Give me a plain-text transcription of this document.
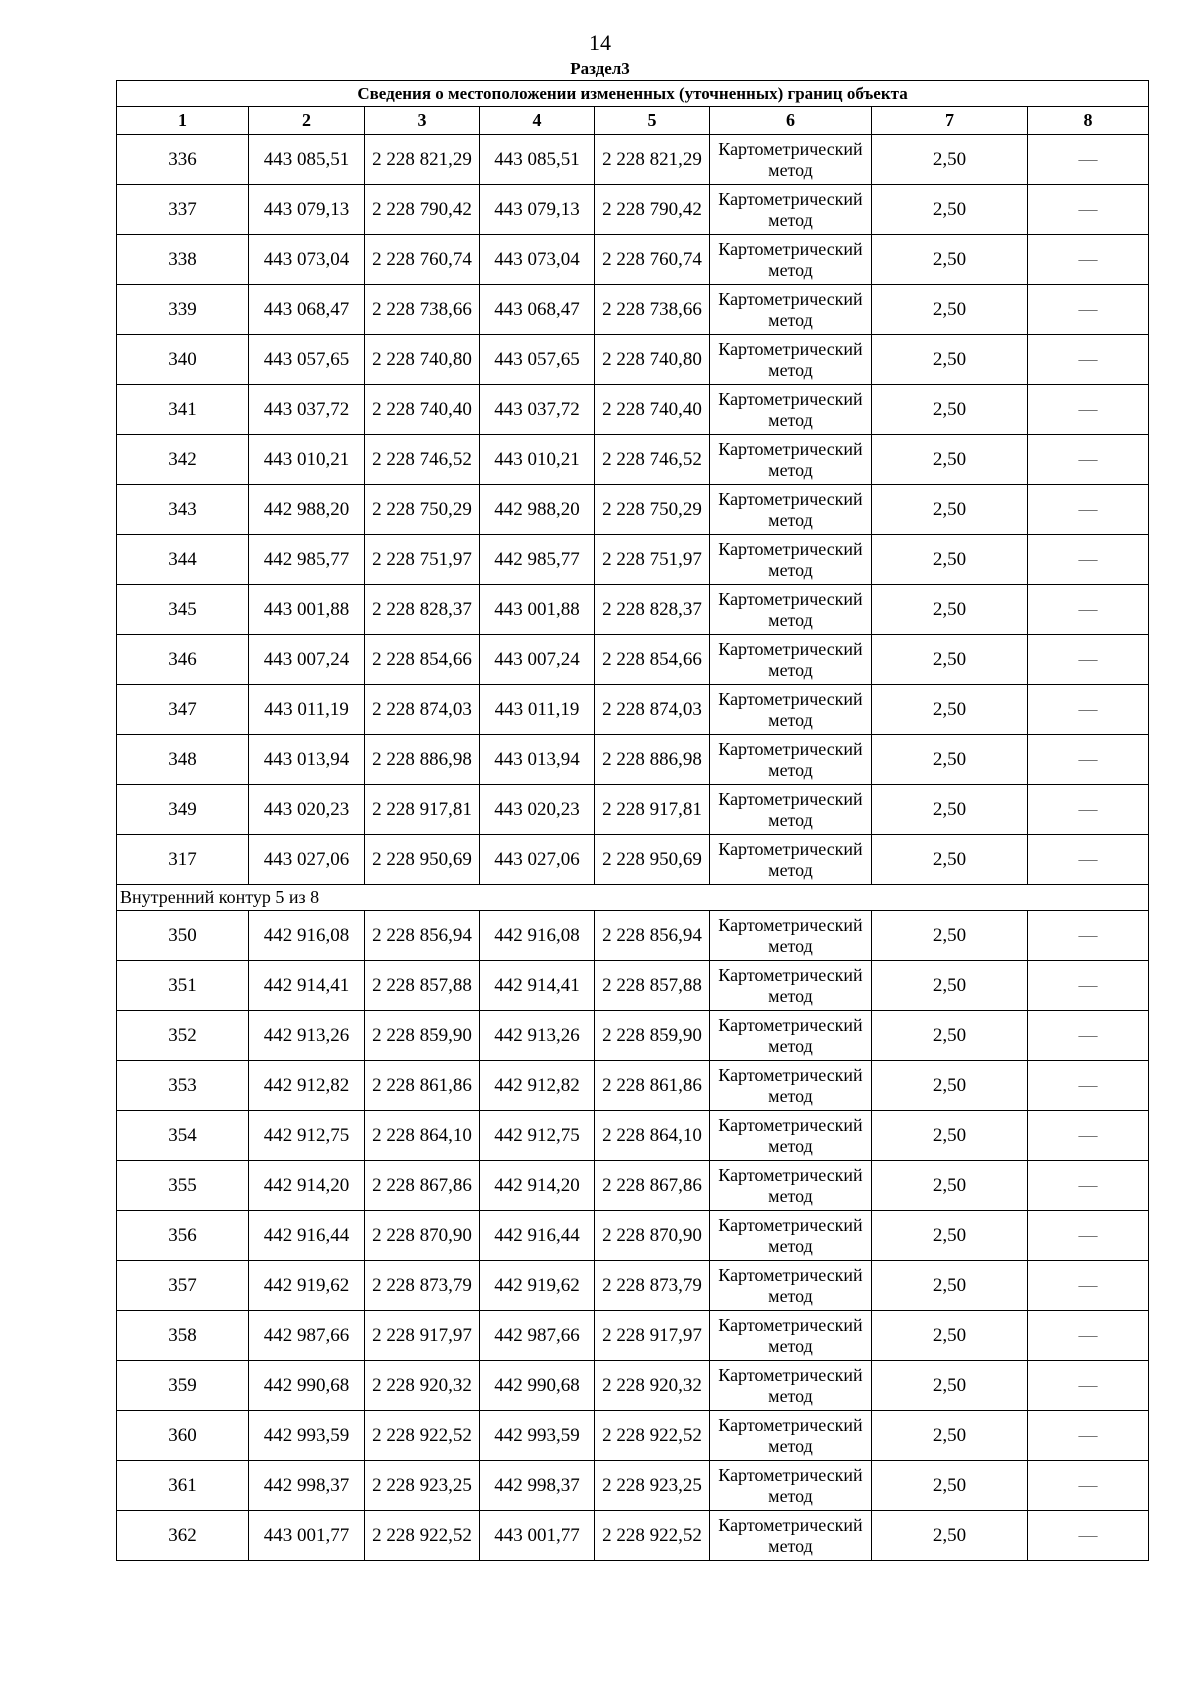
14
Раздел3
Сведения о местоположении измененных (уточненных) границ объекта							
1	2	3	4	5	6	7	8
336	443 085,51	2 228 821,29	443 085,51	2 228 821,29	Картометрический метод	2,50	—
337	443 079,13	2 228 790,42	443 079,13	2 228 790,42	Картометрический метод	2,50	—
338	443 073,04	2 228 760,74	443 073,04	2 228 760,74	Картометрический метод	2,50	—
339	443 068,47	2 228 738,66	443 068,47	2 228 738,66	Картометрический метод	2,50	—
340	443 057,65	2 228 740,80	443 057,65	2 228 740,80	Картометрический метод	2,50	—
341	443 037,72	2 228 740,40	443 037,72	2 228 740,40	Картометрический метод	2,50	—
342	443 010,21	2 228 746,52	443 010,21	2 228 746,52	Картометрический метод	2,50	—
343	442 988,20	2 228 750,29	442 988,20	2 228 750,29	Картометрический метод	2,50	—
344	442 985,77	2 228 751,97	442 985,77	2 228 751,97	Картометрический метод	2,50	—
345	443 001,88	2 228 828,37	443 001,88	2 228 828,37	Картометрический метод	2,50	—
346	443 007,24	2 228 854,66	443 007,24	2 228 854,66	Картометрический метод	2,50	—
347	443 011,19	2 228 874,03	443 011,19	2 228 874,03	Картометрический метод	2,50	—
348	443 013,94	2 228 886,98	443 013,94	2 228 886,98	Картометрический метод	2,50	—
349	443 020,23	2 228 917,81	443 020,23	2 228 917,81	Картометрический метод	2,50	—
317	443 027,06	2 228 950,69	443 027,06	2 228 950,69	Картометрический метод	2,50	—
Внутренний контур 5 из 8							
350	442 916,08	2 228 856,94	442 916,08	2 228 856,94	Картометрический метод	2,50	—
351	442 914,41	2 228 857,88	442 914,41	2 228 857,88	Картометрический метод	2,50	—
352	442 913,26	2 228 859,90	442 913,26	2 228 859,90	Картометрический метод	2,50	—
353	442 912,82	2 228 861,86	442 912,82	2 228 861,86	Картометрический метод	2,50	—
354	442 912,75	2 228 864,10	442 912,75	2 228 864,10	Картометрический метод	2,50	—
355	442 914,20	2 228 867,86	442 914,20	2 228 867,86	Картометрический метод	2,50	—
356	442 916,44	2 228 870,90	442 916,44	2 228 870,90	Картометрический метод	2,50	—
357	442 919,62	2 228 873,79	442 919,62	2 228 873,79	Картометрический метод	2,50	—
358	442 987,66	2 228 917,97	442 987,66	2 228 917,97	Картометрический метод	2,50	—
359	442 990,68	2 228 920,32	442 990,68	2 228 920,32	Картометрический метод	2,50	—
360	442 993,59	2 228 922,52	442 993,59	2 228 922,52	Картометрический метод	2,50	—
361	442 998,37	2 228 923,25	442 998,37	2 228 923,25	Картометрический метод	2,50	—
362	443 001,77	2 228 922,52	443 001,77	2 228 922,52	Картометрический метод	2,50	—
